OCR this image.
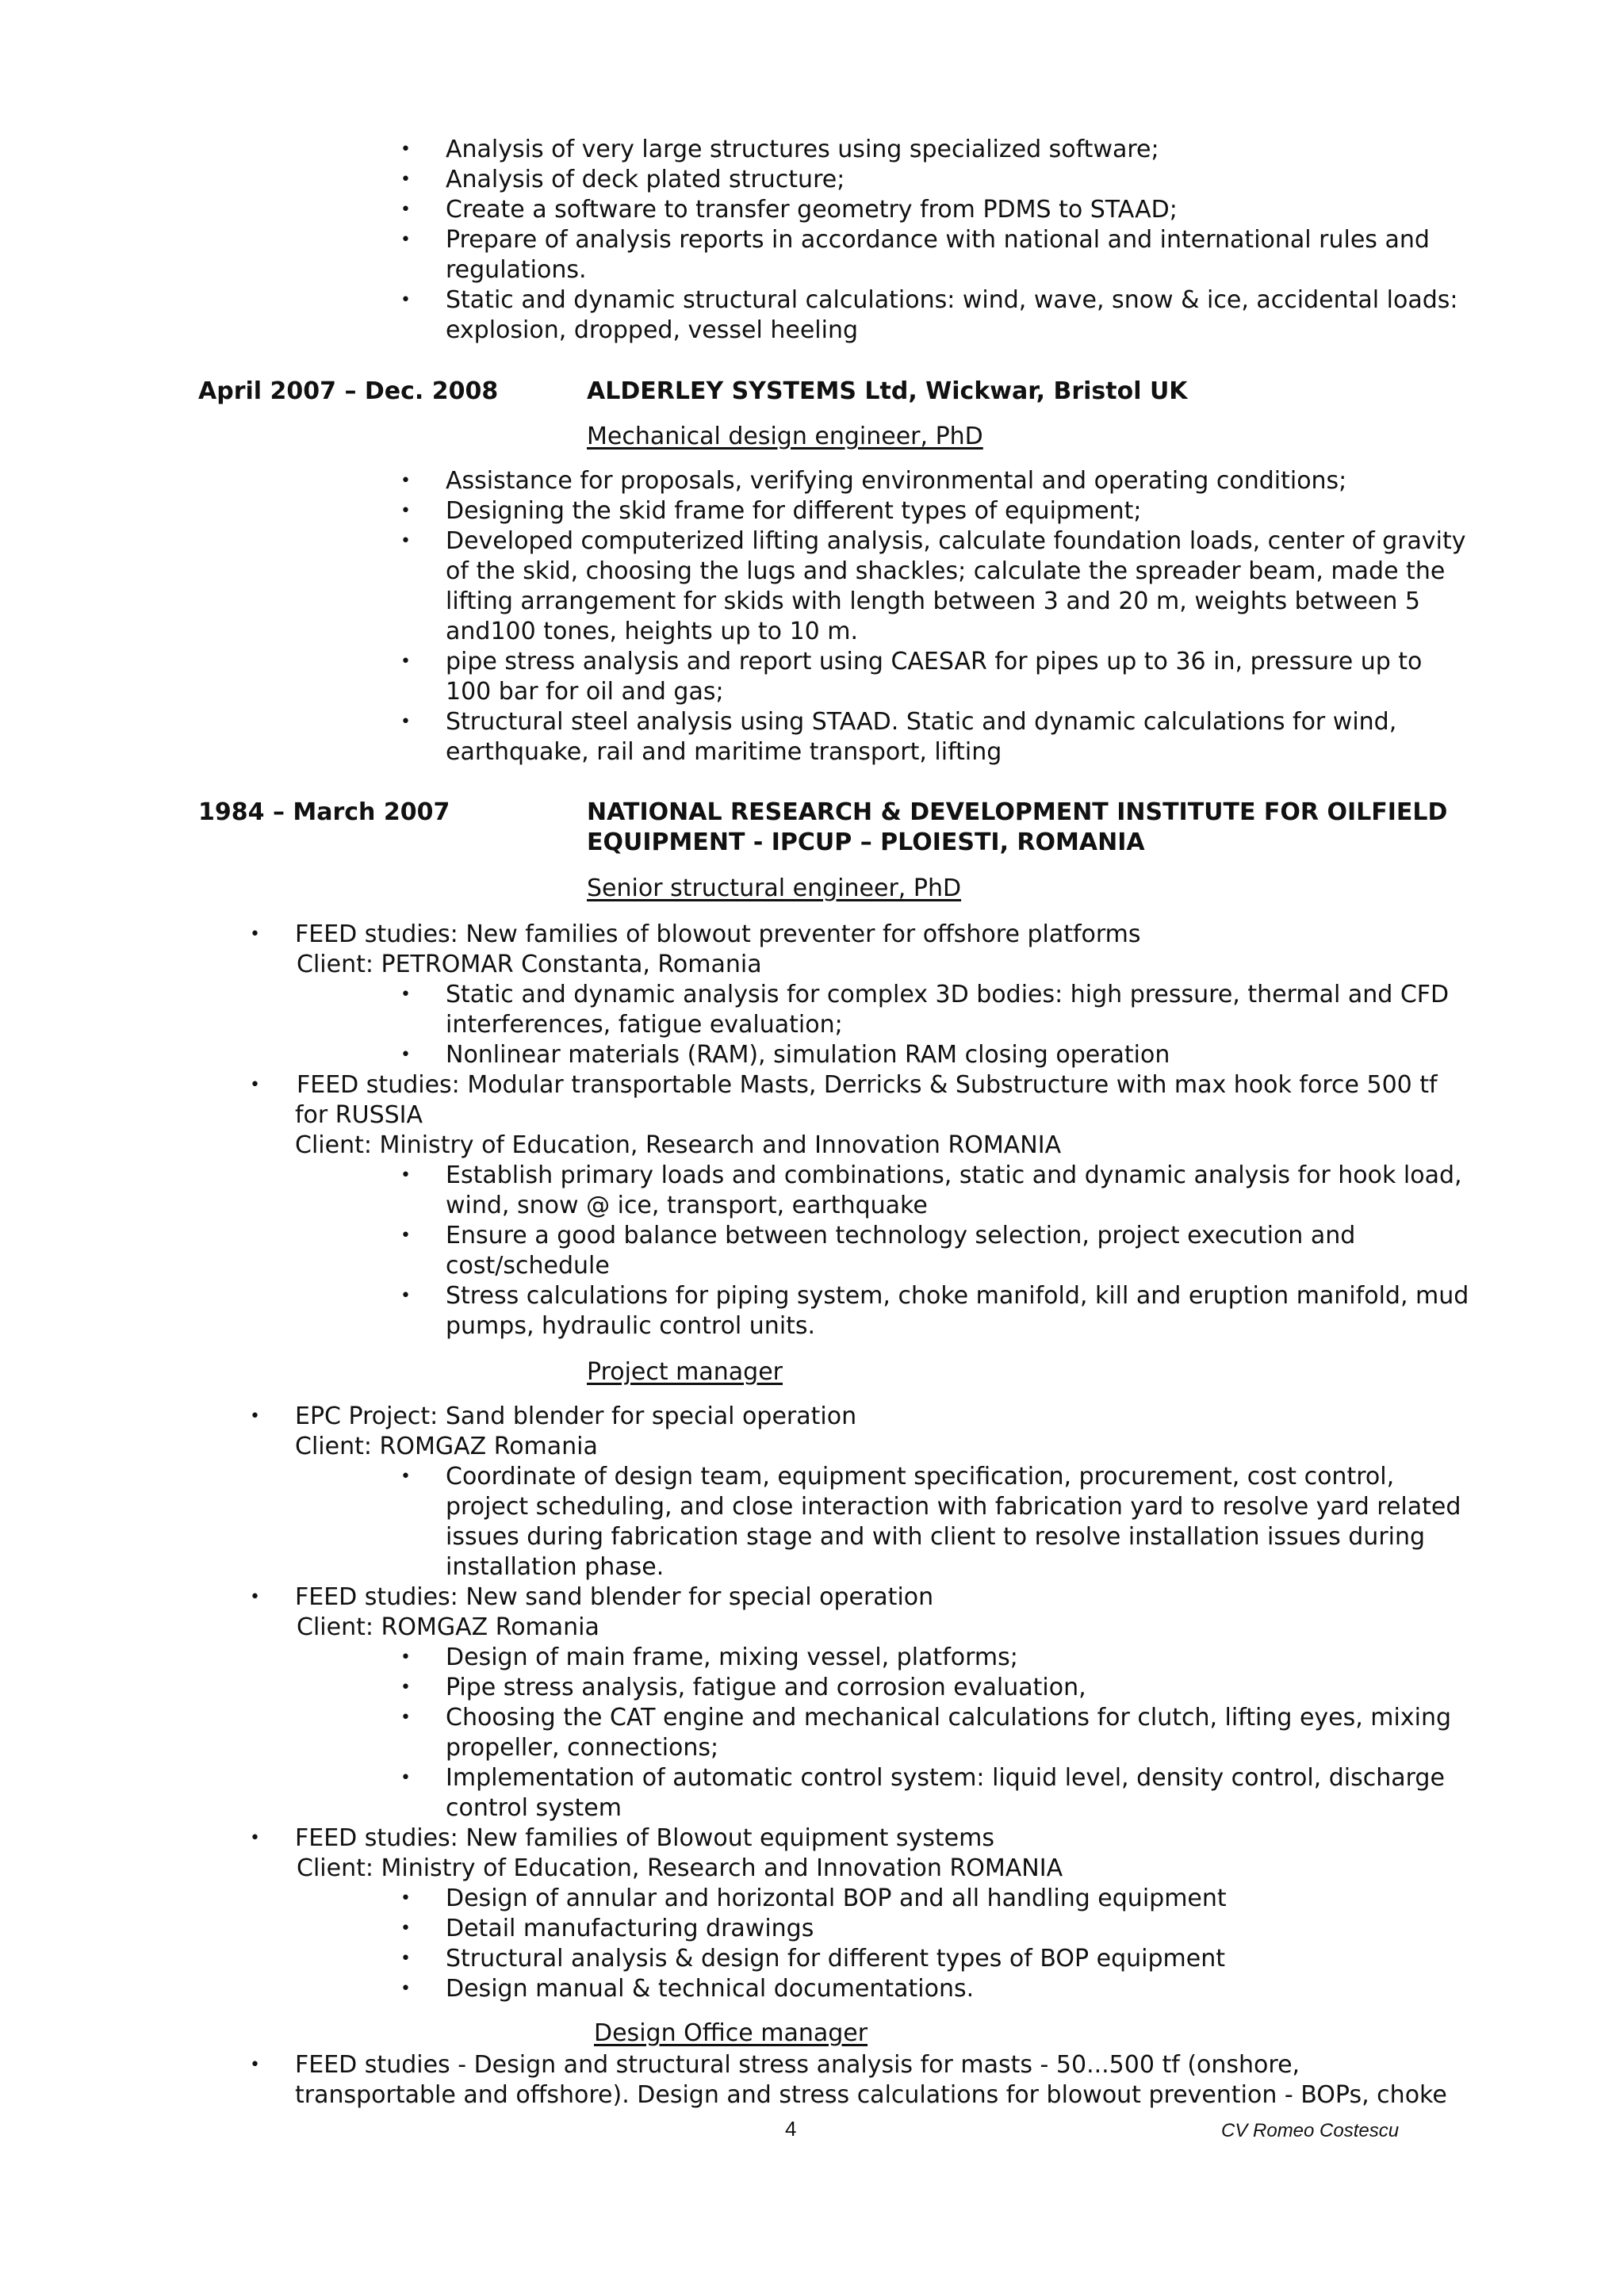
• Analysis of very large structures using specialized software;
• Analysis of deck plated structure;
• Create a software to transfer geometry from PDMS to STAAD;
• Prepare of analysis reports in accordance with national and international rules and
regulations.
• Static and dynamic structural calculations: wind, wave, snow & ice, accidental loads:
explosion, dropped, vessel heeling
April 2007 – Dec. 2008	ALDERLEY SYSTEMS Ltd, Wickwar, Bristol UK
Mechanical design engineer, PhD
• Assistance for proposals, verifying environmental and operating conditions;
• Designing the skid frame for different types of equipment;
• Developed computerized lifting analysis, calculate foundation loads, center of gravity
of the skid, choosing the lugs and shackles; calculate the spreader beam, made the
lifting arrangement for skids with length between 3 and 20 m, weights between 5
and100 tones, heights up to 10 m.
• pipe stress analysis and report using CAESAR for pipes up to 36 in, pressure up to
100 bar for oil and gas;
• Structural steel analysis using STAAD. Static and dynamic calculations for wind,
earthquake, rail and maritime transport, lifting
1984 – March 2007	NATIONAL RESEARCH & DEVELOPMENT INSTITUTE FOR OILFIELD
EQUIPMENT - IPCUP – PLOIESTI, ROMANIA
Senior structural engineer, PhD
• FEED studies: New families of blowout preventer for offshore platforms
Client: PETROMAR Constanta, Romania
• Static and dynamic analysis for complex 3D bodies: high pressure, thermal and CFD
interferences, fatigue evaluation;
• Nonlinear materials (RAM), simulation RAM closing operation
• FEED studies: Modular transportable Masts, Derricks & Substructure with max hook force 500 tf
for RUSSIA
Client: Ministry of Education, Research and Innovation ROMANIA
• Establish primary loads and combinations, static and dynamic analysis for hook load,
wind, snow @ ice, transport, earthquake
• Ensure a good balance between technology selection, project execution and
cost/schedule
• Stress calculations for piping system, choke manifold, kill and eruption manifold, mud
pumps, hydraulic control units.
Project manager
• EPC Project: Sand blender for special operation
Client: ROMGAZ Romania
• Coordinate of design team, equipment specification, procurement, cost control,
project scheduling, and close interaction with fabrication yard to resolve yard related
issues during fabrication stage and with client to resolve installation issues during
installation phase.
• FEED studies: New sand blender for special operation
Client: ROMGAZ Romania
• Design of main frame, mixing vessel, platforms;
• Pipe stress analysis, fatigue and corrosion evaluation,
• Choosing the CAT engine and mechanical calculations for clutch, lifting eyes, mixing
propeller, connections;
• Implementation of automatic control system: liquid level, density control, discharge
control system
• FEED studies: New families of Blowout equipment systems
Client: Ministry of Education, Research and Innovation ROMANIA
• Design of annular and horizontal BOP and all handling equipment
• Detail manufacturing drawings
• Structural analysis & design for different types of BOP equipment
• Design manual & technical documentations.
Design Office manager
• FEED studies - Design and structural stress analysis for masts - 50...500 tf (onshore,
transportable and offshore). Design and stress calculations for blowout prevention - BOPs, choke
4	CV Romeo Costescu
